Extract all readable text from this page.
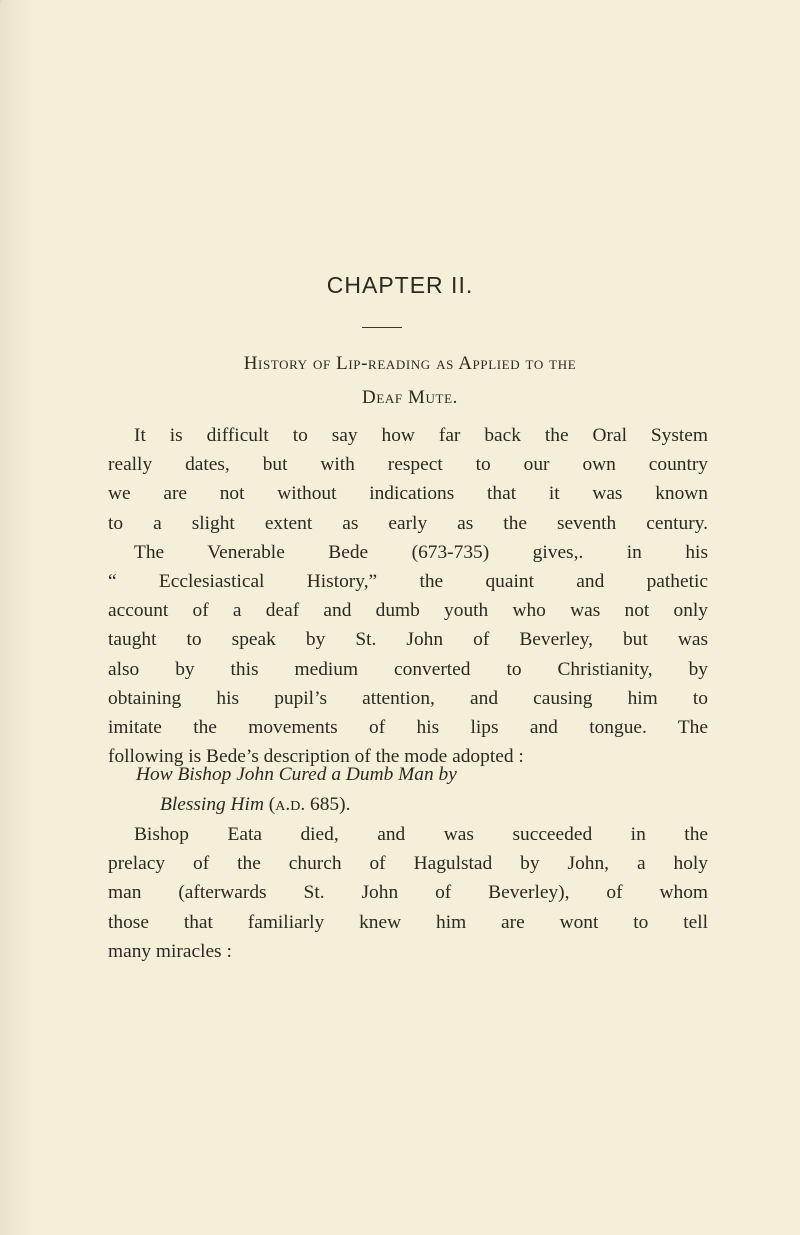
CHAPTER II.
History of Lip-reading as Applied to the
Deaf Mute.
It is difficult to say how far back the Oral System
really dates, but with respect to our own country
we are not without indications that it was known
to a slight extent as early as the seventh century.
The Venerable Bede (673-735) gives,. in his
“ Ecclesiastical History,” the quaint and pathetic
account of a deaf and dumb youth who was not only
taught to speak by St. John of Beverley, but was
also by this medium converted to Christianity, by
obtaining his pupil’s attention, and causing him to
imitate the movements of his lips and tongue. The
following is Bede’s description of the mode adopted :
How Bishop John Cured a Dumb Man by
Blessing Him (a.d. 685).
Bishop Eata died, and was succeeded in the
prelacy of the church of Hagulstad by John, a holy
man (afterwards St. John of Beverley), of whom
those that familiarly knew him are wont to tell
many miracles :
